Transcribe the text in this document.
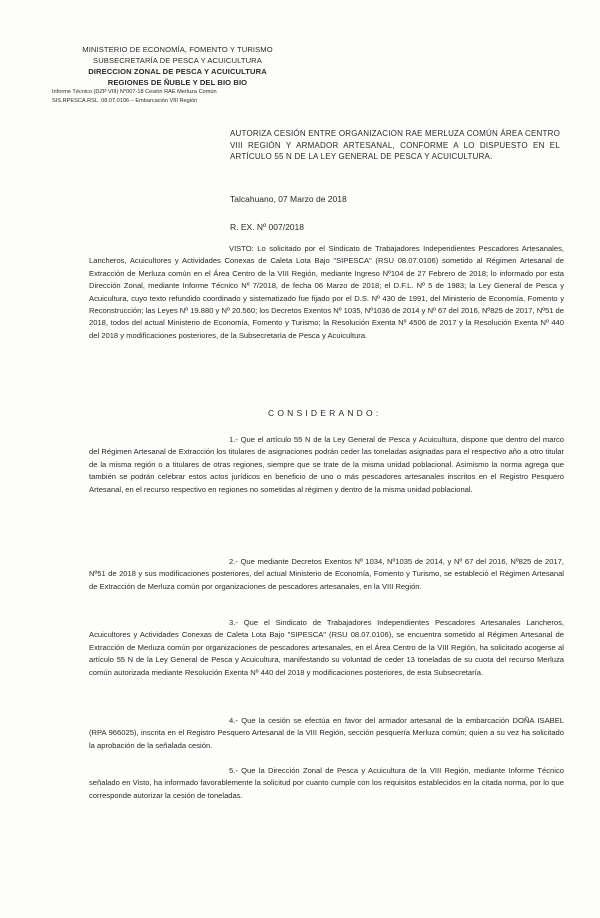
MINISTERIO DE ECONOMÍA, FOMENTO Y TURISMO
SUBSECRETARÍA DE PESCA Y ACUICULTURA
DIRECCION ZONAL DE PESCA Y ACUICULTURA
REGIONES DE ÑUBLE Y DEL BIO BIO
Informe Técnico (DZP VIII) N°007-18 Cesión RAE Merluza Común
SIS.RPESCA.RSL. 08.07.0106 – Embarcación VIII Región
AUTORIZA CESIÓN ENTRE ORGANIZACION RAE MERLUZA COMÚN ÁREA CENTRO VIII REGIÓN Y ARMADOR ARTESANAL, CONFORME A LO DISPUESTO EN EL ARTÍCULO 55 N DE LA LEY GENERAL DE PESCA Y ACUICULTURA.
Talcahuano, 07 Marzo de 2018
R. EX. Nº 007/2018
VISTO: Lo solicitado por el Sindicato de Trabajadores Independientes Pescadores Artesanales, Lancheros, Acuicultores y Actividades Conexas de Caleta Lota Bajo "SIPESCA" (RSU 08.07.0106) sometido al Régimen Artesanal de Extracción de Merluza común en el Área Centro de la VIII Región, mediante Ingreso Nº104 de 27 Febrero de 2018; lo informado por esta Dirección Zonal, mediante Informe Técnico Nº 7/2018, de fecha 06 Marzo de 2018; el D.F.L. Nº 5 de 1983; la Ley General de Pesca y Acuicultura, cuyo texto refundido coordinado y sistematizado fue fijado por el D.S. Nº 430 de 1991, del Ministerio de Economía, Fomento y Reconstrucción; las Leyes Nº 19.880 y Nº 20.560; los Decretos Exentos Nº 1035, Nº1036 de 2014 y Nº 67 del 2016, Nº825 de 2017, Nº51 de 2018, todos del actual Ministerio de Economía, Fomento y Turismo; la Resolución Exenta Nº 4506 de 2017 y la Resolución Exenta Nº 440 del 2018 y modificaciones posteriores, de la Subsecretaría de Pesca y Acuicultura.
CONSIDERANDO:
1.- Que el artículo 55 N de la Ley General de Pesca y Acuicultura, dispone que dentro del marco del Régimen Artesanal de Extracción los titulares de asignaciones podrán ceder las toneladas asignadas para el respectivo año a otro titular de la misma región o a titulares de otras regiones, siempre que se trate de la misma unidad poblacional. Asimismo la norma agrega que también se podrán celebrar estos actos jurídicos en beneficio de uno o más pescadores artesanales inscritos en el Registro Pesquero Artesanal, en el recurso respectivo en regiones no sometidas al régimen y dentro de la misma unidad poblacional.
2.- Que mediante Decretos Exentos Nº 1034, Nº1035 de 2014, y Nº 67 del 2016, Nº825 de 2017, Nº51 de 2018 y sus modificaciones posteriores, del actual Ministerio de Economía, Fomento y Turismo, se estableció el Régimen Artesanal de Extracción de Merluza común por organizaciones de pescadores artesanales, en la VIII Región.
3.- Que el Sindicato de Trabajadores Independientes Pescadores Artesanales Lancheros, Acuicultores y Actividades Conexas de Caleta Lota Bajo "SIPESCA" (RSU 08.07.0106), se encuentra sometido al Régimen Artesanal de Extracción de Merluza común por organizaciones de pescadores artesanales, en el Área Centro de la VIII Región, ha solicitado acogerse al artículo 55 N de la Ley General de Pesca y Acuicultura, manifestando su voluntad de ceder 13 toneladas de su cuota del recurso Merluza común autorizada mediante Resolución Exenta Nº 440 del 2018 y modificaciones posteriores, de esta Subsecretaría.
4.- Que la cesión se efectúa en favor del armador artesanal de la embarcación DOÑA ISABEL (RPA 966025), inscrita en el Registro Pesquero Artesanal de la VIII Región, sección pesquería Merluza común; quien a su vez ha solicitado la aprobación de la señalada cesión.
5.- Que la Dirección Zonal de Pesca y Acuicultura de la VIII Región, mediante Informe Técnico señalado en Visto, ha informado favorablemente la solicitud por cuanto cumple con los requisitos establecidos en la citada norma, por lo que corresponde autorizar la cesión de toneladas.
